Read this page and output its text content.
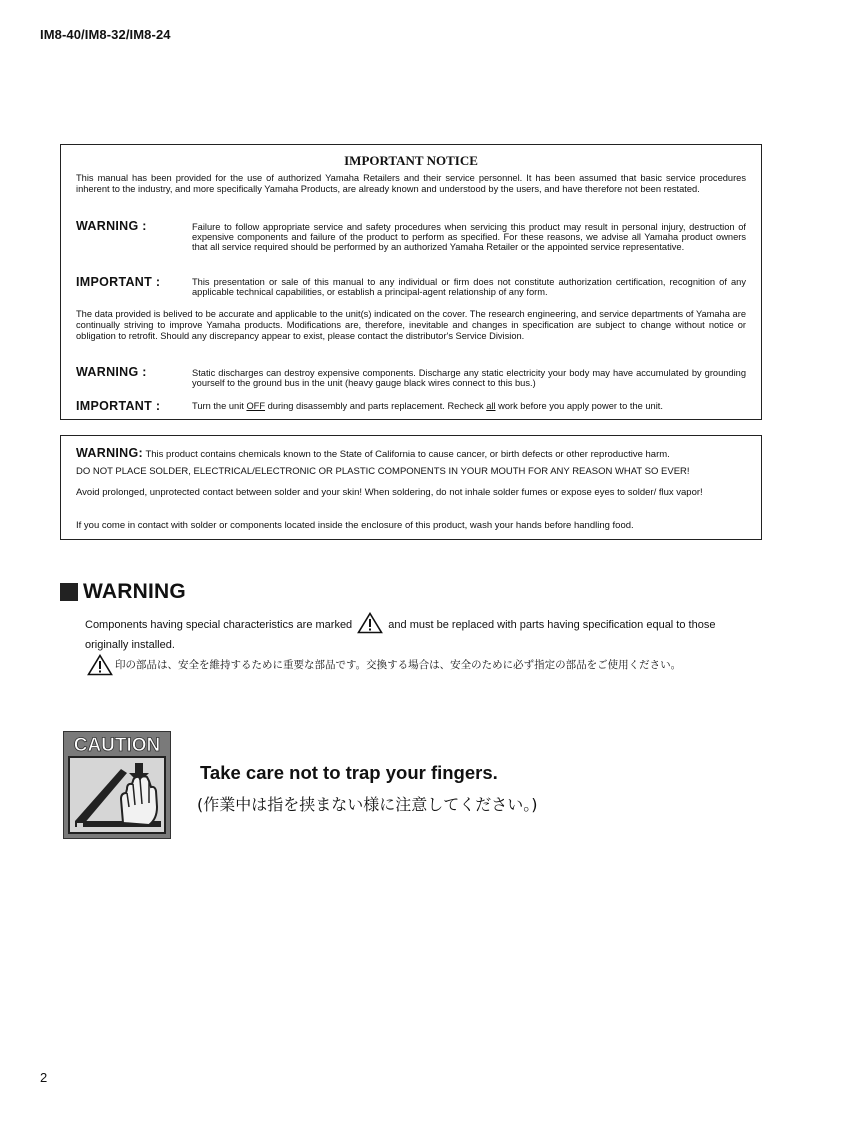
IM8-40/IM8-32/IM8-24
IMPORTANT NOTICE
This manual has been provided for the use of authorized Yamaha Retailers and their service personnel. It has been assumed that basic service procedures inherent to the industry, and more specifically Yamaha Products, are already known and understood by the users, and have therefore not been restated.
WARNING :	Failure to follow appropriate service and safety procedures when servicing this product may result in personal injury, destruction of expensive components and failure of the product to perform as specified. For these reasons, we advise all Yamaha product owners that all service required should be performed by an authorized Yamaha Retailer or the appointed service representative.
IMPORTANT :	This presentation or sale of this manual to any individual or firm does not constitute authorization certification, recognition of any applicable technical capabilities, or establish a principal-agent relationship of any form.
The data provided is belived to be accurate and applicable to the unit(s) indicated on the cover. The research engineering, and service departments of Yamaha are continually striving to improve Yamaha products. Modifications are, therefore, inevitable and changes in specification are subject to change without notice or obligation to retrofit. Should any discrepancy appear to exist, please contact the distributor's Service Division.
WARNING :	Static discharges can destroy expensive components. Discharge any static electricity your body may have accumulated by grounding yourself to the ground bus in the unit (heavy gauge black wires connect to this bus.)
IMPORTANT :	Turn the unit OFF during disassembly and parts replacement. Recheck all work before you apply power to the unit.
WARNING: This product contains chemicals known to the State of California to cause cancer, or birth defects or other reproductive harm.
DO NOT PLACE SOLDER, ELECTRICAL/ELECTRONIC OR PLASTIC COMPONENTS IN YOUR MOUTH FOR ANY REASON WHAT SO EVER!
Avoid prolonged, unprotected contact between solder and your skin! When soldering, do not inhale solder fumes or expose eyes to solder/ flux vapor!
If you come in contact with solder or components located inside the enclosure of this product, wash your hands before handling food.
WARNING
Components having special characteristics are marked	and must be replaced with parts having specification equal to those originally installed.
印の部品は、安全を維持するために重要な部品です。交換する場合は、安全のために必ず指定の部品をご使用ください。
CAUTION
Take care not to trap your fingers.
(作業中は指を挟まない様に注意してください。)
2
